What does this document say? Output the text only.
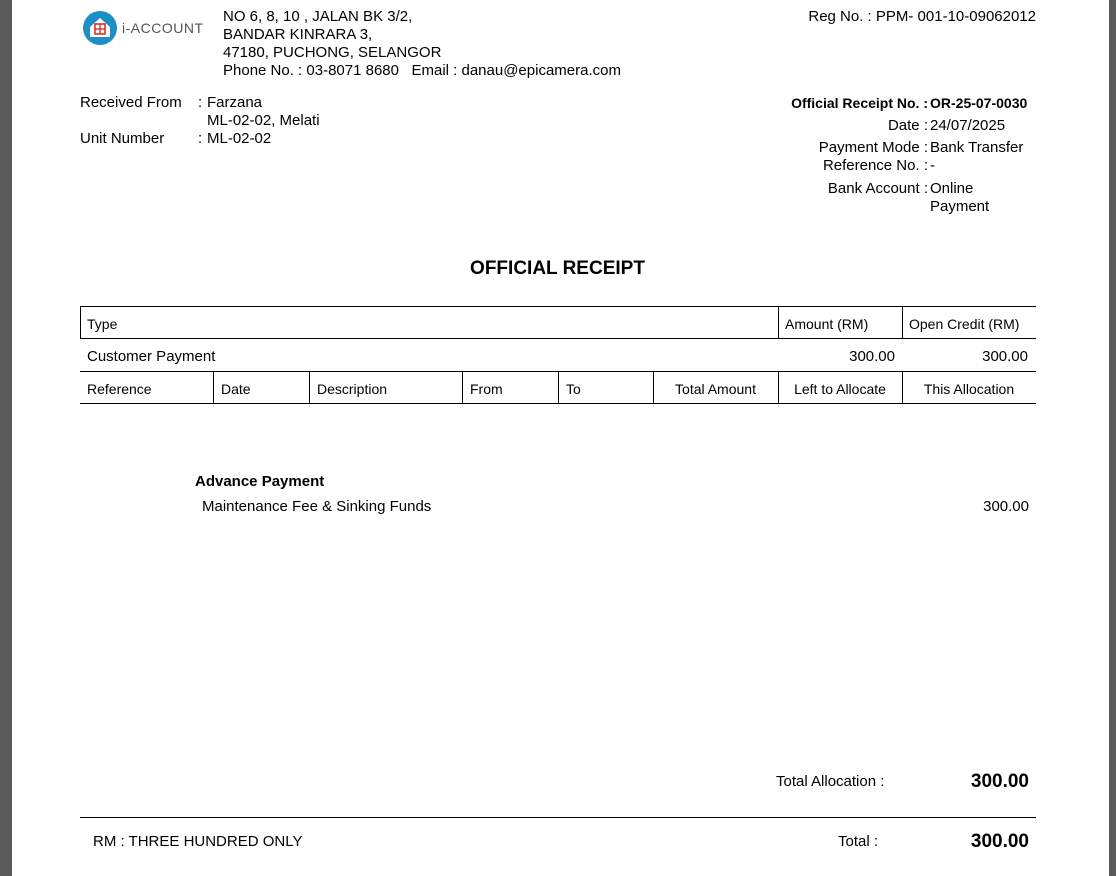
i-ACCOUNT
NO 6, 8, 10 , JALAN BK 3/2,
BANDAR KINRARA 3,
47180, PUCHONG, SELANGOR
Phone No. : 03-8071 8680   Email : danau@epicamera.com
Reg No. : PPM- 001-10-09062012
Received From : Farzana
ML-02-02, Melati
Unit Number : ML-02-02
Official Receipt No. : OR-25-07-0030
Date : 24/07/2025
Payment Mode : Bank Transfer
Reference No. : -
Bank Account : Online
Payment
OFFICIAL RECEIPT
Type	Amount (RM)	Open Credit (RM)
Customer Payment	300.00	300.00
Reference	Date	Description	From	To	Total Amount	Left to Allocate	This Allocation
Advance Payment
Maintenance Fee & Sinking Funds	300.00
Total Allocation :	300.00
RM : THREE HUNDRED ONLY	Total :	300.00
